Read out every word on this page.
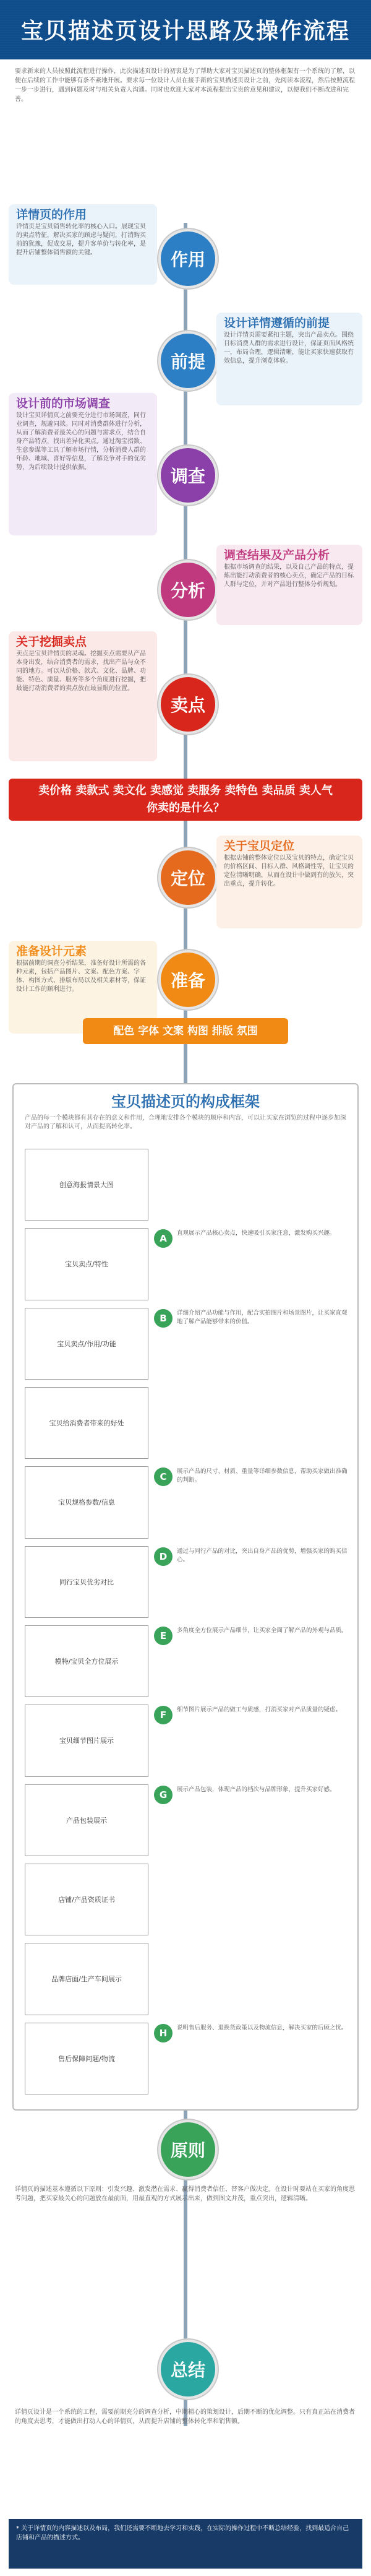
宝贝描述页设计思路及操作流程
要求新来的人员按照此流程进行操作，此次描述页设计的初衷是为了帮助大家对宝贝描述页的整体框架有一个系统的了解，以便在后续的工作中能够有条不紊地开展。要求每一位设计人员在接手新的宝贝描述页设计之前，先阅读本流程，然后按照流程一步一步进行，遇到问题及时与相关负责人沟通。同时也欢迎大家对本流程提出宝贵的意见和建议，以便我们不断改进和完善。
详情页的作用
详情页是宝贝销售转化率的核心入口。展现宝贝的卖点特征，解决买家的顾虑与疑问，打消购买前的犹豫，促成交易，提升客单价与转化率，是提升店铺整体销售额的关键。	作用
前提
设计详情遵循的前提
设计详情页需要紧扣主题，突出产品卖点。围绕目标消费人群的需求进行设计，保证页面风格统一，布局合理，逻辑清晰，能让买家快速获取有效信息，提升浏览体验。
设计前的市场调查
设计宝贝详情页之前要充分进行市场调查，同行业调查，规避同款。同时对消费群体进行分析，从而了解消费者最关心的问题与需求点，结合自身产品特点，找出差异化卖点。通过淘宝指数、生意参谋等工具了解市场行情，分析消费人群的年龄、地域、喜好等信息，了解竞争对手的优劣势，为后续设计提供依据。	调查
分析
调查结果及产品分析
根据市场调查的结果，以及自己产品的特点，提炼出能打动消费者的核心卖点，确定产品的目标人群与定位，并对产品进行整体分析规划。
关于挖掘卖点
卖点是宝贝详情页的灵魂。挖掘卖点需要从产品本身出发，结合消费者的需求，找出产品与众不同的地方。可以从价格、款式、文化、品牌、功能、特色、质量、服务等多个角度进行挖掘，把最能打动消费者的卖点放在最显眼的位置。
卖点
卖价格 卖款式 卖文化 卖感觉 卖服务 卖特色 卖品质 卖人气
你卖的是什么？
定位
关于宝贝定位
根据店铺的整体定位以及宝贝的特点，确定宝贝的价格区间、目标人群、风格调性等，让宝贝的定位清晰明确，从而在设计中做到有的放矢，突出重点，提升转化。
准备设计元素
根据前期的调查分析结果，准备好设计所需的各种元素，包括产品图片、文案、配色方案、字体、构图方式、排版布局以及相关素材等，保证设计工作的顺利进行。	准备
配色 字体 文案 构图 排版 氛围
宝贝描述页的构成框架
产品的每一个模块都有其存在的意义和作用，合理地安排各个模块的顺序和内容，可以让买家在浏览的过程中逐步加深对产品的了解和认可，从而提高转化率。
创意海报情景大图
宝贝卖点/特性
A	直观展示产品核心卖点，快速吸引买家注意，激发购买兴趣。
宝贝卖点/作用/功能
B	详细介绍产品功能与作用，配合实拍图片和场景图片，让买家直观地了解产品能够带来的价值。
宝贝给消费者带来的好处
宝贝规格参数/信息
C	展示产品的尺寸、材质、重量等详细参数信息，帮助买家做出准确的判断。
同行宝贝优劣对比
D	通过与同行产品的对比，突出自身产品的优势，增强买家的购买信心。
模特/宝贝全方位展示
E	多角度全方位展示产品细节，让买家全面了解产品的外观与品质。
宝贝细节图片展示
F	细节图片展示产品的做工与质感，打消买家对产品质量的疑虑。
产品包装展示
G	展示产品包装，体现产品的档次与品牌形象，提升买家好感。
店铺/产品资质证书
品牌店面/生产车间展示
售后保障问题/物流
H	说明售后服务、退换货政策以及物流信息，解决买家的后顾之忧。
原则
详情页的描述基本遵循以下原则：引发兴趣、激发潜在需求、赢得消费者信任、替客户做决定。在设计时要站在买家的角度思考问题，把买家最关心的问题放在最前面，用最直观的方式展示出来，做到图文并茂，重点突出，逻辑清晰。
总结
详情页设计是一个系统的工程，需要前期充分的调查分析，中期精心的策划设计，后期不断的优化调整。只有真正站在消费者的角度去思考，才能做出打动人心的详情页，从而提升店铺的整体转化率和销售额。
* 关于详情页的内容描述以及布局，我们还需要不断地去学习和实践，在实际的操作过程中不断总结经验，找到最适合自己店铺和产品的描述方式。
